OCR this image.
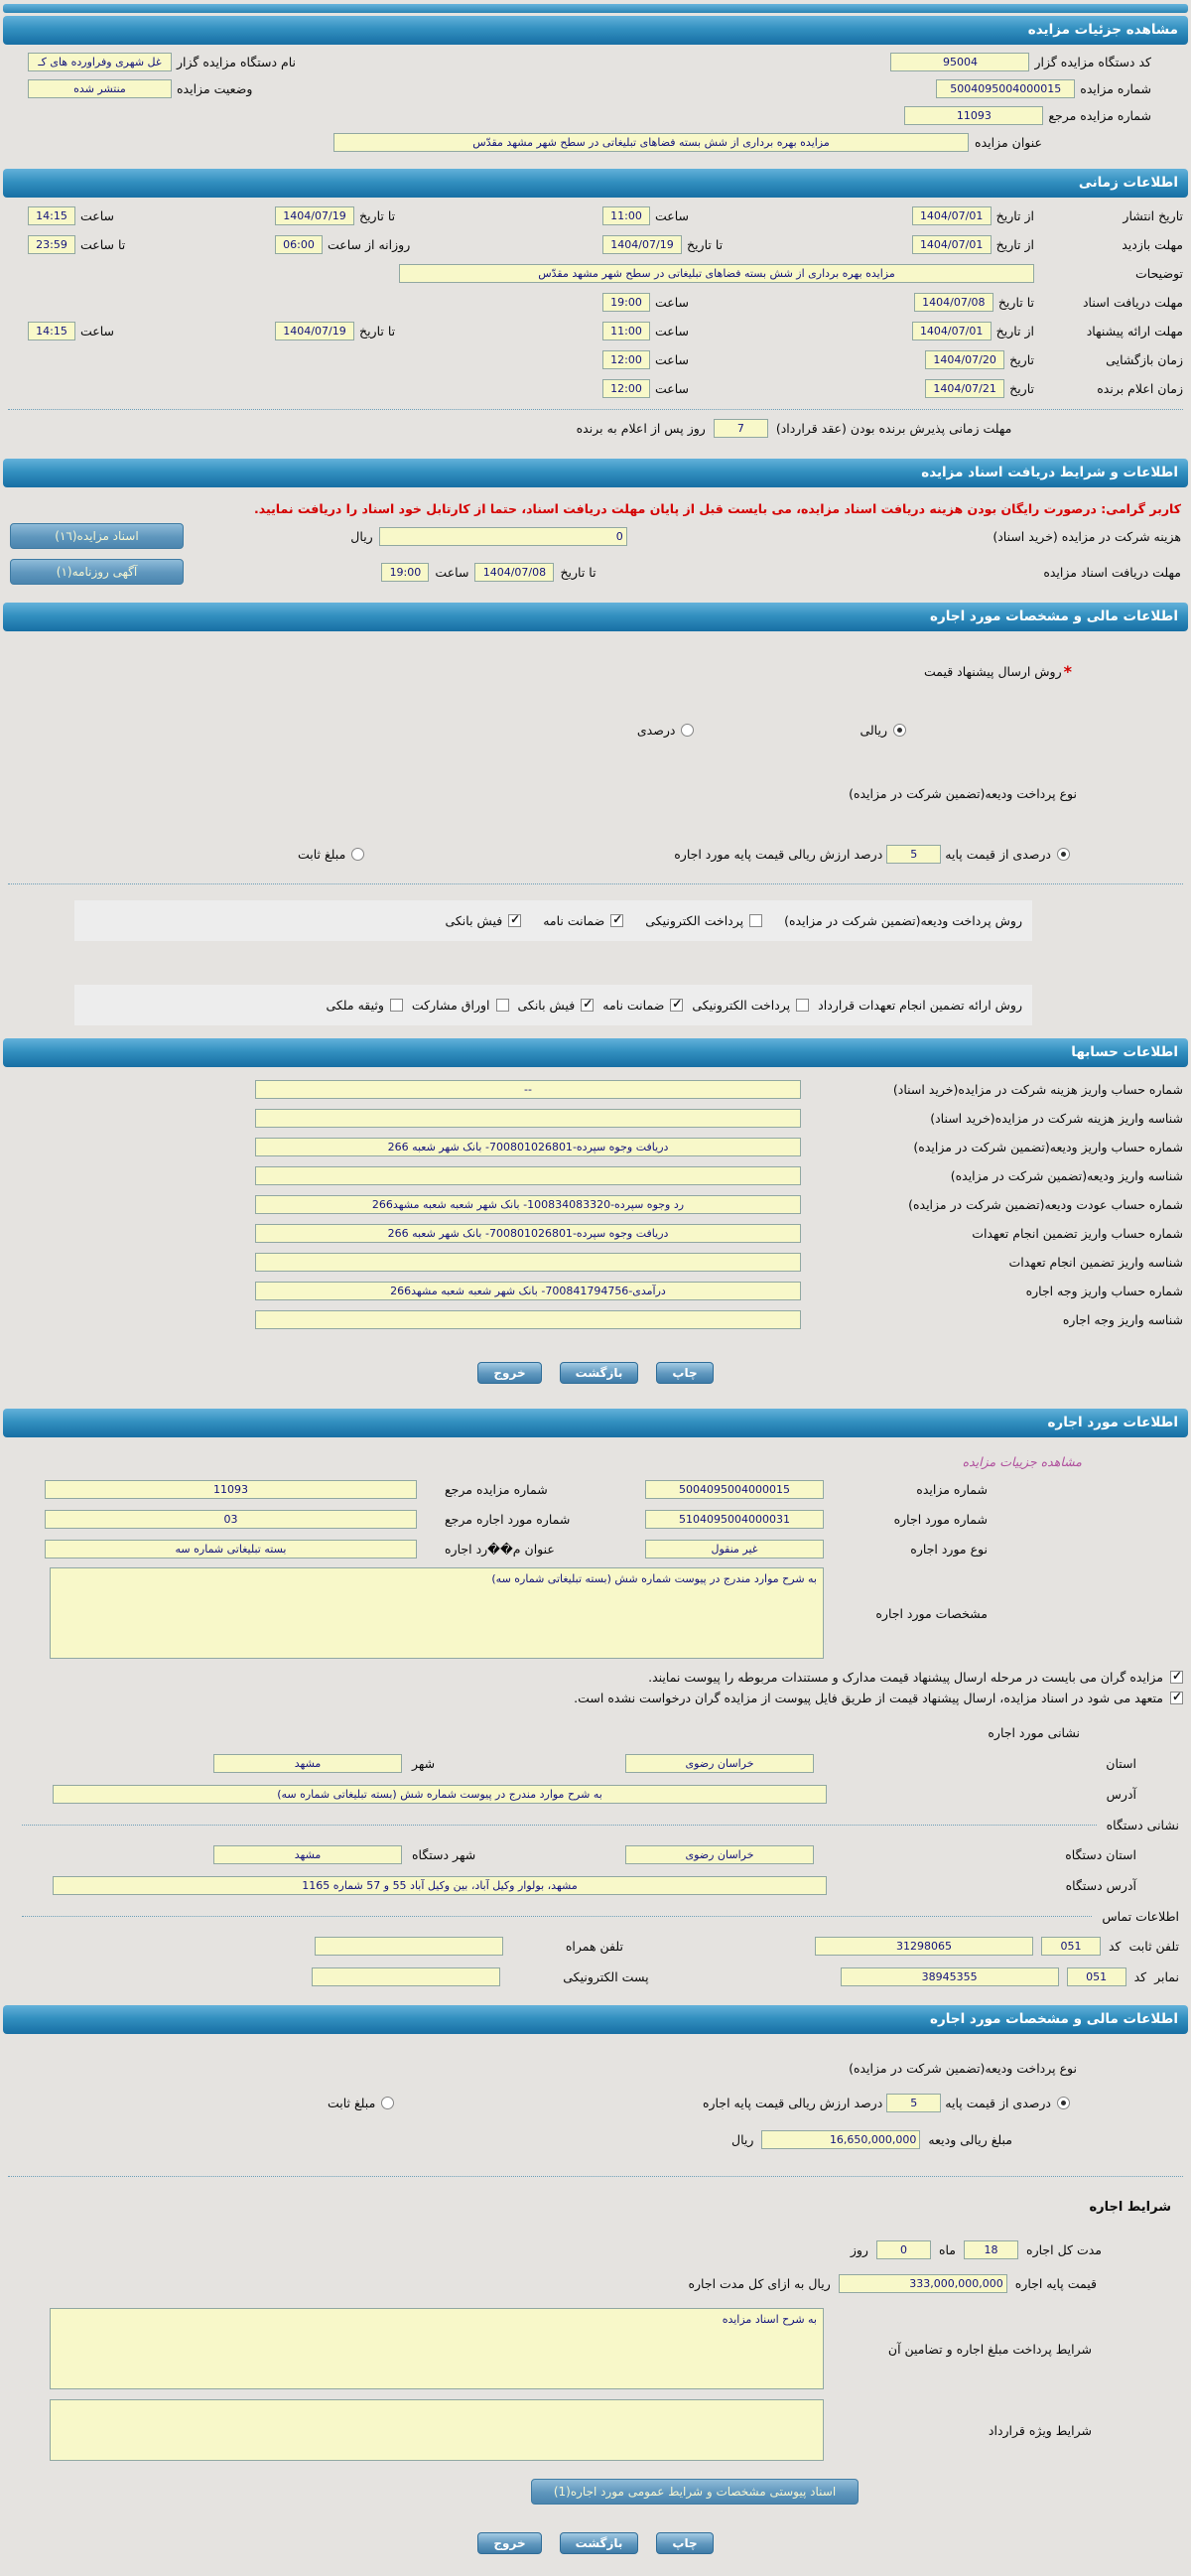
مشاهده جزئیات مزایده
کد دستگاه مزایده گزار
95004
نام دستگاه مزایده گزار
غل شهری وفراورده های کـ
شماره مزایده
5004095004000015
وضعیت مزایده
منتشر شده
شماره مزایده مرجع
11093
عنوان مزایده
مزایده بهره برداری از شش بسته فضاهای تبلیغاتی در سطح شهر مشهد مقدّس
اطلاعات زمانی
تاریخ انتشار
از تاریخ
1404/07/01
ساعت
11:00
تا تاریخ
1404/07/19
ساعت
14:15
مهلت بازدید
از تاریخ
1404/07/01
تا تاریخ
1404/07/19
روزانه از ساعت
06:00
تا ساعت
23:59
توضیحات
مزایده بهره برداری از شش بسته فضاهای تبلیغاتی در سطح شهر مشهد مقدّس
مهلت دریافت اسناد
تا تاریخ
1404/07/08
ساعت
19:00
مهلت ارائه پیشنهاد
از تاریخ
1404/07/01
ساعت
11:00
تا تاریخ
1404/07/19
ساعت
14:15
زمان بازگشایی
تاریخ
1404/07/20
ساعت
12:00
زمان اعلام برنده
تاریخ
1404/07/21
ساعت
12:00
مهلت زمانی پذیرش برنده بودن (عقد قرارداد)
7
روز پس از اعلام به برنده
اطلاعات و شرایط دریافت اسناد مزایده
کاربر گرامی: درصورت رایگان بودن هزینه دریافت اسناد مزایده، می بایست قبل از پایان مهلت دریافت اسناد، حتما از کارتابل خود اسناد را دریافت نمایید.
هزینه شرکت در مزایده (خرید اسناد)
0
ریال
اسناد مزایده(١٦)
مهلت دریافت اسناد مزایده
تا تاریخ
1404/07/08
ساعت
19:00
آگهی روزنامه(١)
اطلاعات مالی و مشخصات مورد اجاره
*
روش ارسال پیشنهاد قیمت
ریالی
درصدی
نوع پرداخت ودیعه(تضمین شرکت در مزایده)
درصدی از قیمت پایه
5
درصد ارزش ریالی قیمت پایه مورد اجاره
مبلغ ثابت
روش پرداخت ودیعه(تضمین شرکت در مزایده)
پرداخت الکترونیکی
ضمانت نامه
فیش بانکی
روش ارائه تضمین انجام تعهدات قرارداد
پرداخت الکترونیکی
ضمانت نامه
فیش بانکی
اوراق مشارکت
وثیقه ملکی
اطلاعات حسابها
شماره حساب واریز هزینه شرکت در مزایده(خرید اسناد)
--
شناسه واریز هزینه شرکت در مزایده(خرید اسناد)
شماره حساب واریز ودیعه(تضمین شرکت در مزایده)
دریافت وجوه سپرده-700801026801- بانک شهر شعبه 266
شناسه واریز ودیعه(تضمین شرکت در مزایده)
شماره حساب عودت ودیعه(تضمین شرکت در مزایده)
رد وجوه سپرده-100834083320- بانک شهر شعبه شعبه مشهد266
شماره حساب واریز تضمین انجام تعهدات
دریافت وجوه سپرده-700801026801- بانک شهر شعبه 266
شناسه واریز تضمین انجام تعهدات
شماره حساب واریز وجه اجاره
درآمدی-700841794756- بانک شهر شعبه شعبه مشهد266
شناسه واریز وجه اجاره
چاپ
بازگشت
خروج
اطلاعات مورد اجاره
مشاهده جزییات مزایده
شماره مزایده
5004095004000015
شماره مزایده مرجع
11093
شماره مورد اجاره
5104095004000031
شماره مورد اجاره مرجع
03
نوع مورد اجاره
غیر منقول
عنوان م��رد اجاره
بسته تبلیغاتی شماره سه
مشخصات مورد اجاره
به شرح موارد مندرج در پیوست شماره شش (بسته تبلیغاتی شماره سه)
مزایده گران می بایست در مرحله ارسال پیشنهاد قیمت مدارک و مستندات مربوطه را پیوست نمایند.
متعهد می شود در اسناد مزایده، ارسال پیشنهاد قیمت از طریق فایل پیوست از مزایده گران درخواست نشده است.
نشانی مورد اجاره
استان
خراسان رضوی
شهر
مشهد
آدرس
به شرح موارد مندرج در پیوست شماره شش (بسته تبلیغاتی شماره سه)
نشانی دستگاه
استان دستگاه
خراسان رضوی
شهر دستگاه
مشهد
آدرس دستگاه
مشهد، بولوار وکیل آباد، بین وکیل آباد 55 و 57 شماره 1165
اطلاعات تماس
تلفن ثابت
کد
051
31298065
تلفن همراه
نمابر
کد
051
38945355
پست الکترونیکی
اطلاعات مالی و مشخصات مورد اجاره
نوع پرداخت ودیعه(تضمین شرکت در مزایده)
درصدی از قیمت پایه
5
درصد ارزش ریالی قیمت پایه اجاره
مبلغ ثابت
مبلغ ریالی ودیعه
16,650,000,000
ریال
شرایط اجاره
مدت کل اجاره
18
ماه
0
روز
قیمت پایه اجاره
333,000,000,000
ریال به ازای کل مدت اجاره
شرایط پرداخت مبلغ اجاره و تضامین آن
به شرح اسناد مزایده
شرایط ویژه قرارداد
اسناد پیوستی مشخصات و شرایط عمومی مورد اجاره(1)
چاپ
بازگشت
خروج
